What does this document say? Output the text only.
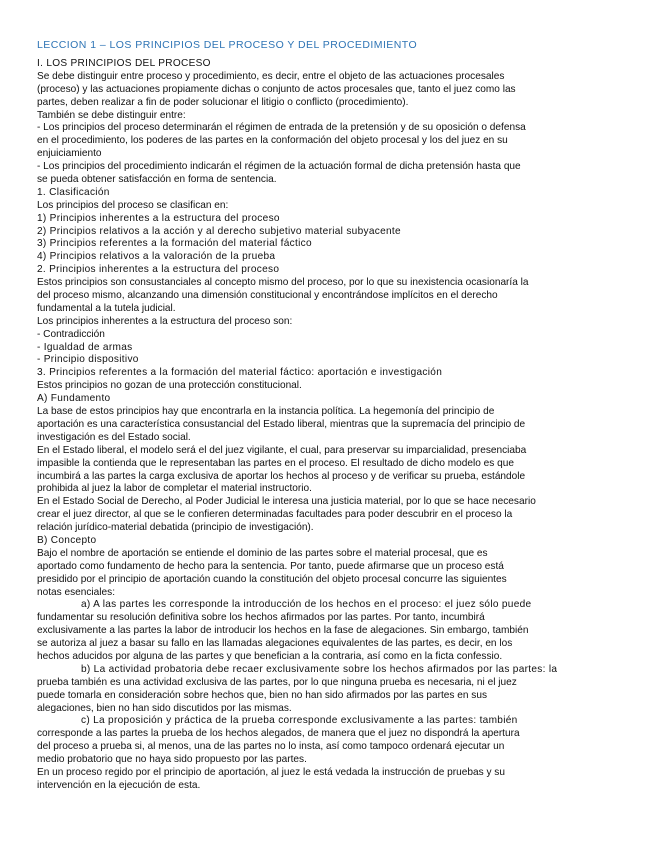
LECCION 1 – LOS PRINCIPIOS DEL PROCESO Y DEL PROCEDIMIENTO
I. LOS PRINCIPIOS DEL PROCESO
Se debe distinguir entre proceso y procedimiento, es decir, entre el objeto de las actuaciones procesales
(proceso) y las actuaciones propiamente dichas o conjunto de actos procesales que, tanto el juez como las
partes, deben realizar a fin de poder solucionar el litigio o conflicto (procedimiento).
También se debe distinguir entre:
- Los principios del proceso determinarán el régimen de entrada de la pretensión y de su oposición o defensa
en el procedimiento, los poderes de las partes en la conformación del objeto procesal y los del juez en su
enjuiciamiento
- Los principios del procedimiento indicarán el régimen de la actuación formal de dicha pretensión hasta que
se pueda obtener satisfacción en forma de sentencia.
1. Clasificación
Los principios del proceso se clasifican en:
1) Principios inherentes a la estructura del proceso
2) Principios relativos a la acción y al derecho subjetivo material subyacente
3) Principios referentes a la formación del material fáctico
4) Principios relativos a la valoración de la prueba
2. Principios inherentes a la estructura del proceso
Estos principios son consustanciales al concepto mismo del proceso, por lo que su inexistencia ocasionaría la
del proceso mismo, alcanzando una dimensión constitucional y encontrándose implícitos en el derecho
fundamental a la tutela judicial.
Los principios inherentes a la estructura del proceso son:
- Contradicción
- Igualdad de armas
- Principio dispositivo
3. Principios referentes a la formación del material fáctico: aportación e investigación
Estos principios no gozan de una protección constitucional.
A) Fundamento
La base de estos principios hay que encontrarla en la instancia política. La hegemonía del principio de
aportación es una característica consustancial del Estado liberal, mientras que la supremacía del principio de
investigación es del Estado social.
En el Estado liberal, el modelo será el del juez vigilante, el cual, para preservar su imparcialidad, presenciaba
impasible la contienda que le representaban las partes en el proceso. El resultado de dicho modelo es que
incumbirá a las partes la carga exclusiva de aportar los hechos al proceso y de verificar su prueba, estándole
prohibida al juez la labor de completar el material instructorio.
En el Estado Social de Derecho, al Poder Judicial le interesa una justicia material, por lo que se hace necesario
crear el juez director, al que se le confieren determinadas facultades para poder descubrir en el proceso la
relación jurídico-material debatida (principio de investigación).
B) Concepto
Bajo el nombre de aportación se entiende el dominio de las partes sobre el material procesal, que es
aportado como fundamento de hecho para la sentencia. Por tanto, puede afirmarse que un proceso está
presidido por el principio de aportación cuando la constitución del objeto procesal concurre las siguientes
notas esenciales:
a) A las partes les corresponde la introducción de los hechos en el proceso: el juez sólo puede
fundamentar su resolución definitiva sobre los hechos afirmados por las partes. Por tanto, incumbirá
exclusivamente a las partes la labor de introducir los hechos en la fase de alegaciones. Sin embargo, también
se autoriza al juez a basar su fallo en las llamadas alegaciones equivalentes de las partes, es decir, en los
hechos aducidos por alguna de las partes y que benefician a la contraria, así como en la ficta confessio.
b) La actividad probatoria debe recaer exclusivamente sobre los hechos afirmados por las partes: la
prueba también es una actividad exclusiva de las partes, por lo que ninguna prueba es necesaria, ni el juez
puede tomarla en consideración sobre hechos que, bien no han sido afirmados por las partes en sus
alegaciones, bien no han sido discutidos por las mismas.
c) La proposición y práctica de la prueba corresponde exclusivamente a las partes: también
corresponde a las partes la prueba de los hechos alegados, de manera que el juez no dispondrá la apertura
del proceso a prueba si, al menos, una de las partes no lo insta, así como tampoco ordenará ejecutar un
medio probatorio que no haya sido propuesto por las partes.
En un proceso regido por el principio de aportación, al juez le está vedada la instrucción de pruebas y su
intervención en la ejecución de esta.
